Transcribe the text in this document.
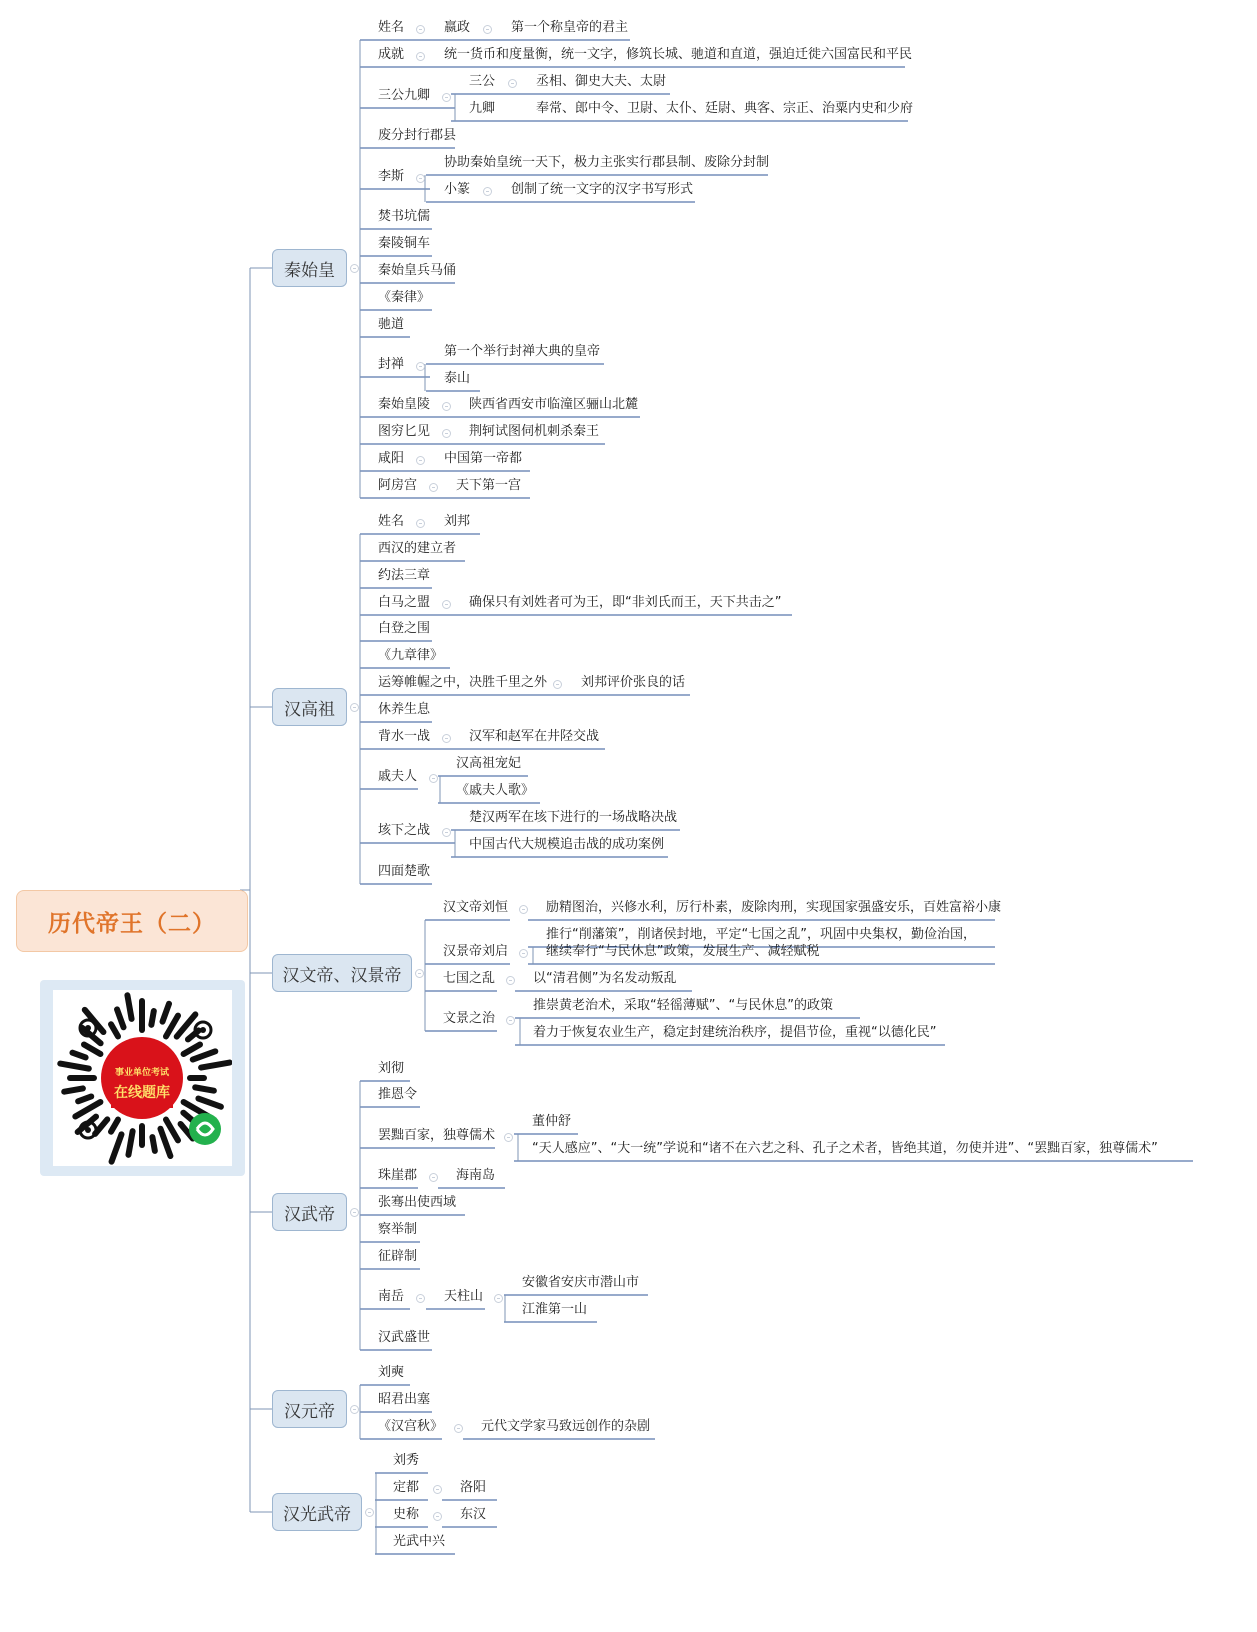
历代帝王（二）
事业单位考试
在线题库
秦始皇
汉高祖
汉文帝、汉景帝
汉武帝
汉元帝
汉光武帝
姓名	嬴政	第一个称皇帝的君主
成就	统一货币和度量衡，统一文字，修筑长城、驰道和直道，强迫迁徙六国富民和平民
三公九卿
三公	丞相、御史大夫、太尉
九卿	奉常、郎中令、卫尉、太仆、廷尉、典客、宗正、治粟内史和少府
废分封行郡县
李斯
协助秦始皇统一天下，极力主张实行郡县制、废除分封制
小篆	创制了统一文字的汉字书写形式
焚书坑儒
秦陵铜车
秦始皇兵马俑
《秦律》
驰道
封禅
第一个举行封禅大典的皇帝
泰山
秦始皇陵	陕西省西安市临潼区骊山北麓
图穷匕见	荆轲试图伺机刺杀秦王
咸阳	中国第一帝都
阿房宫	天下第一宫
姓名	刘邦
西汉的建立者
约法三章
白马之盟	确保只有刘姓者可为王，即“非刘氏而王，天下共击之”
白登之围
《九章律》
运筹帷幄之中，决胜千里之外	刘邦评价张良的话
休养生息
背水一战	汉军和赵军在井陉交战
戚夫人
汉高祖宠妃
《戚夫人歌》
垓下之战
楚汉两军在垓下进行的一场战略决战
中国古代大规模追击战的成功案例
四面楚歌
汉文帝刘恒	励精图治，兴修水利，厉行朴素，废除肉刑，实现国家强盛安乐，百姓富裕小康
汉景帝刘启
推行“削藩策”，削诸侯封地，平定“七国之乱”，巩固中央集权，勤俭治国，
继续奉行“与民休息”政策，发展生产、减轻赋税
七国之乱	以“清君侧”为名发动叛乱
文景之治
推崇黄老治术，采取“轻徭薄赋”、“与民休息”的政策
着力于恢复农业生产，稳定封建统治秩序，提倡节俭，重视“以德化民”
刘彻
推恩令
罢黜百家，独尊儒术
董仲舒
“天人感应”、“大一统”学说和“诸不在六艺之科、孔子之术者，皆绝其道，勿使并进”、“罢黜百家，独尊儒术”
珠崖郡	海南岛
张骞出使西域
察举制
征辟制
南岳	天柱山
安徽省安庆市潜山市
江淮第一山
汉武盛世
刘奭
昭君出塞
《汉宫秋》	元代文学家马致远创作的杂剧
刘秀
定都	洛阳
史称	东汉
光武中兴
